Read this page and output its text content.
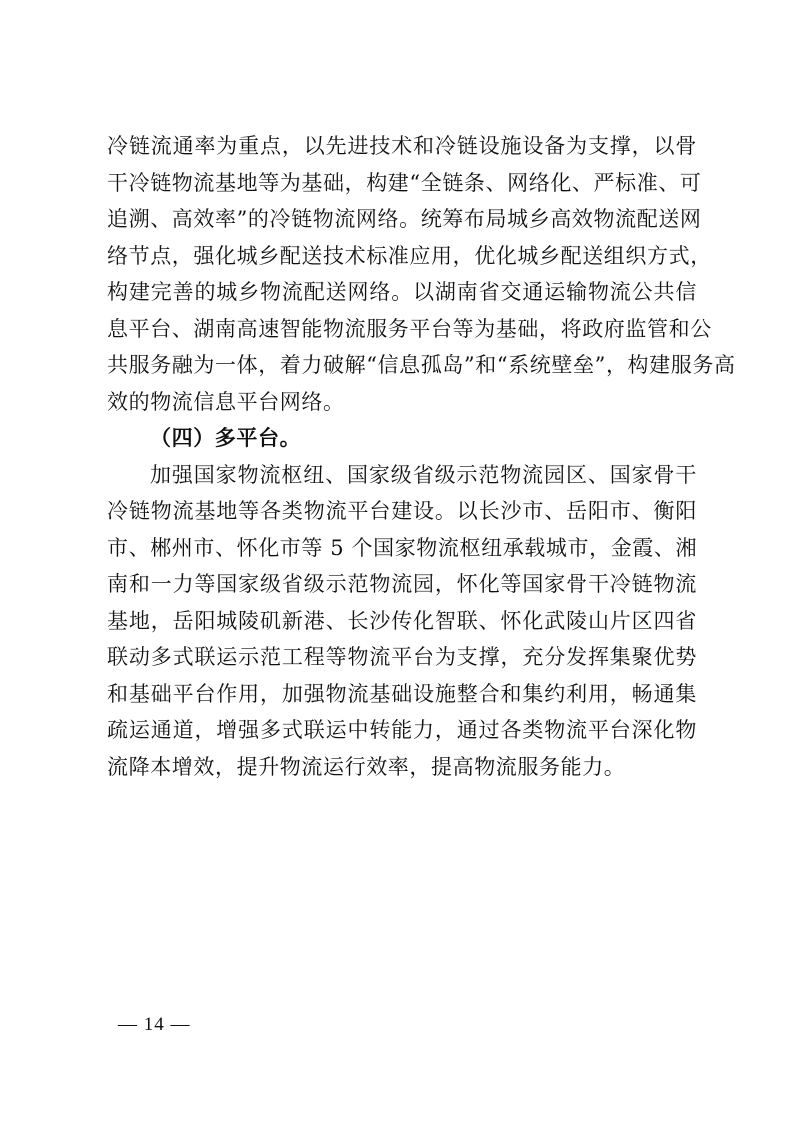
冷链流通率为重点，以先进技术和冷链设施设备为支撑，以骨
干冷链物流基地等为基础，构建“全链条、网络化、严标准、可
追溯、高效率”的冷链物流网络。统筹布局城乡高效物流配送网
络节点，强化城乡配送技术标准应用，优化城乡配送组织方式，
构建完善的城乡物流配送网络。以湖南省交通运输物流公共信
息平台、湖南高速智能物流服务平台等为基础，将政府监管和公
共服务融为一体，着力破解“信息孤岛”和“系统壁垒”，构建服务高
效的物流信息平台网络。
（四）多平台。
加强国家物流枢纽、国家级省级示范物流园区、国家骨干
冷链物流基地等各类物流平台建设。以长沙市、岳阳市、衡阳
市、郴州市、怀化市等 5 个国家物流枢纽承载城市，金霞、湘
南和一力等国家级省级示范物流园，怀化等国家骨干冷链物流
基地，岳阳城陵矶新港、长沙传化智联、怀化武陵山片区四省
联动多式联运示范工程等物流平台为支撑，充分发挥集聚优势
和基础平台作用，加强物流基础设施整合和集约利用，畅通集
疏运通道，增强多式联运中转能力，通过各类物流平台深化物
流降本增效，提升物流运行效率，提高物流服务能力。
— 14 —
